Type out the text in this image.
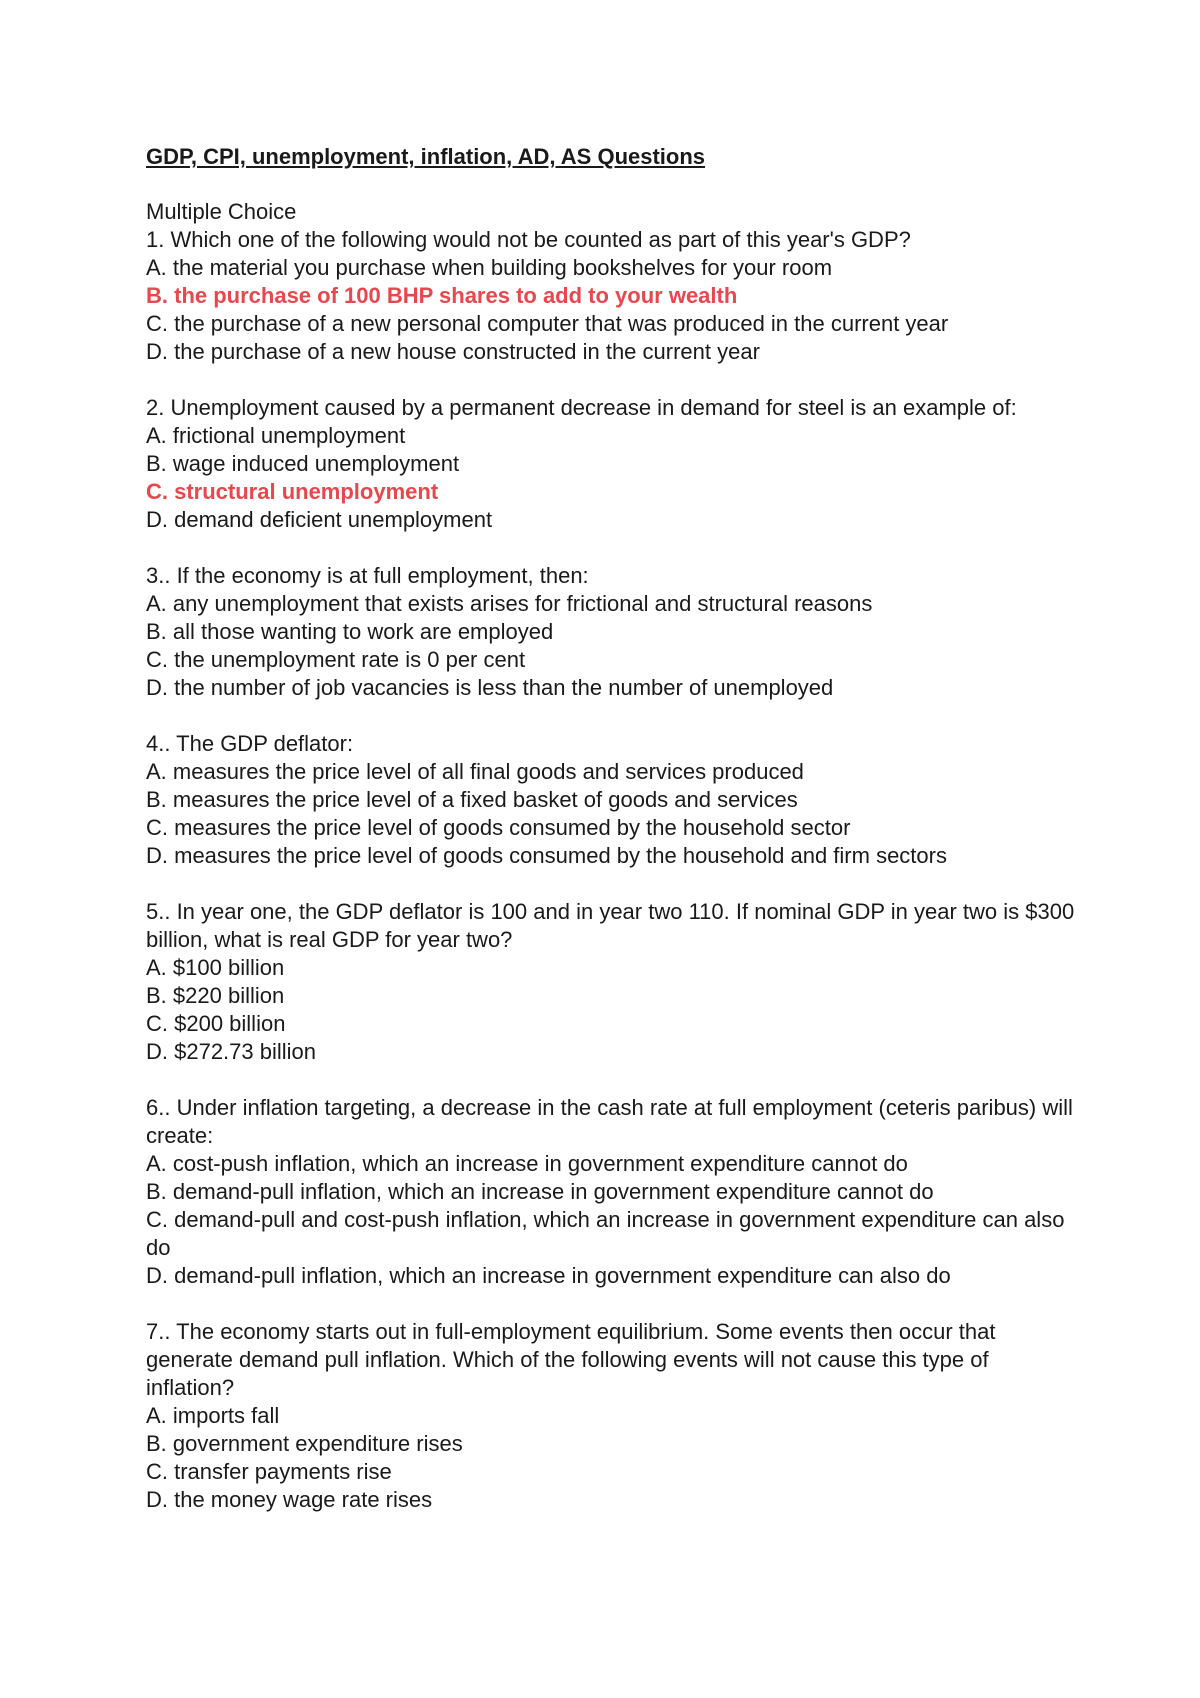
GDP, CPI, unemployment, inflation, AD, AS Questions

Multiple Choice

1. Which one of the following would not be counted as part of this year's GDP?

A. the material you purchase when building bookshelves for your room

B. the purchase of 100 BHP shares to add to your wealth

C. the purchase of a new personal computer that was produced in the current year

D. the purchase of a new house constructed in the current year

2. Unemployment caused by a permanent decrease in demand for steel is an example of:

A. frictional unemployment

B. wage induced unemployment

C. structural unemployment

D. demand deficient unemployment

3.. If the economy is at full employment, then:

A. any unemployment that exists arises for frictional and structural reasons

B. all those wanting to work are employed

C. the unemployment rate is 0 per cent

D. the number of job vacancies is less than the number of unemployed

4.. The GDP deflator:

A. measures the price level of all final goods and services produced

B. measures the price level of a fixed basket of goods and services

C. measures the price level of goods consumed by the household sector

D. measures the price level of goods consumed by the household and firm sectors

5.. In year one, the GDP deflator is 100 and in year two 110. If nominal GDP in year two is $300 billion, what is real GDP for year two?

A. $100 billion

B. $220 billion

C. $200 billion

D. $272.73 billion

6.. Under inflation targeting, a decrease in the cash rate at full employment (ceteris paribus) will create:

A. cost-push inflation, which an increase in government expenditure cannot do

B. demand-pull inflation, which an increase in government expenditure cannot do

C. demand-pull and cost-push inflation, which an increase in government expenditure can also do

D. demand-pull inflation, which an increase in government expenditure can also do

7.. The economy starts out in full-employment equilibrium. Some events then occur that generate demand pull inflation. Which of the following events will not cause this type of inflation?

A. imports fall

B. government expenditure rises

C. transfer payments rise

D. the money wage rate rises
